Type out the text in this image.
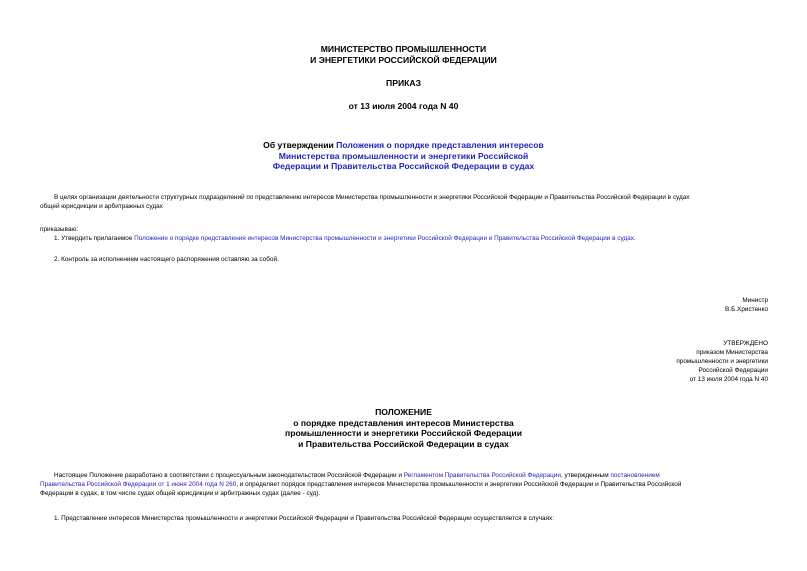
МИНИСТЕРСТВО ПРОМЫШЛЕННОСТИ
И ЭНЕРГЕТИКИ РОССИЙСКОЙ ФЕДЕРАЦИИ
ПРИКАЗ
от 13 июля 2004 года N 40
Об утверждении Положения о порядке представления интересов
Министерства промышленности и энергетики Российской
Федерации и Правительства Российской Федерации в судах
В целях организации деятельности структурных подразделений по представлению интересов Министерства промышленности и энергетики Российской Федерации и Правительства Российской Федерации в судах
общей юрисдикции и арбитражных судах
приказываю:
1. Утвердить прилагаемое Положение о порядке представления интересов Министерства промышленности и энергетики Российской Федерации и Правительства Российской Федерации в судах.
2. Контроль за исполнением настоящего распоряжения оставляю за собой.
Министр
В.Б.Христенко
УТВЕРЖДЕНО
приказом Министерства
промышленности и энергетики
Российской Федерации
от 13 июля 2004 года N 40
ПОЛОЖЕНИЕ
о порядке представления интересов Министерства
промышленности и энергетики Российской Федерации
и Правительства Российской Федерации в судах
Настоящее Положение разработано в соответствии с процессуальным законодательством Российской Федерации и Регламентом Правительства Российской Федерации, утвержденным постановлением
Правительства Российской Федерации от 1 июня 2004 года N 260, и определяет порядок представления интересов Министерства промышленности и энергетики Российской Федерации и Правительства Российской
Федерации в судах, в том числе судах общей юрисдикции и арбитражных судах (далее - суд).
1. Представление интересов Министерства промышленности и энергетики Российской Федерации и Правительства Российской Федерации осуществляется в случаях:
